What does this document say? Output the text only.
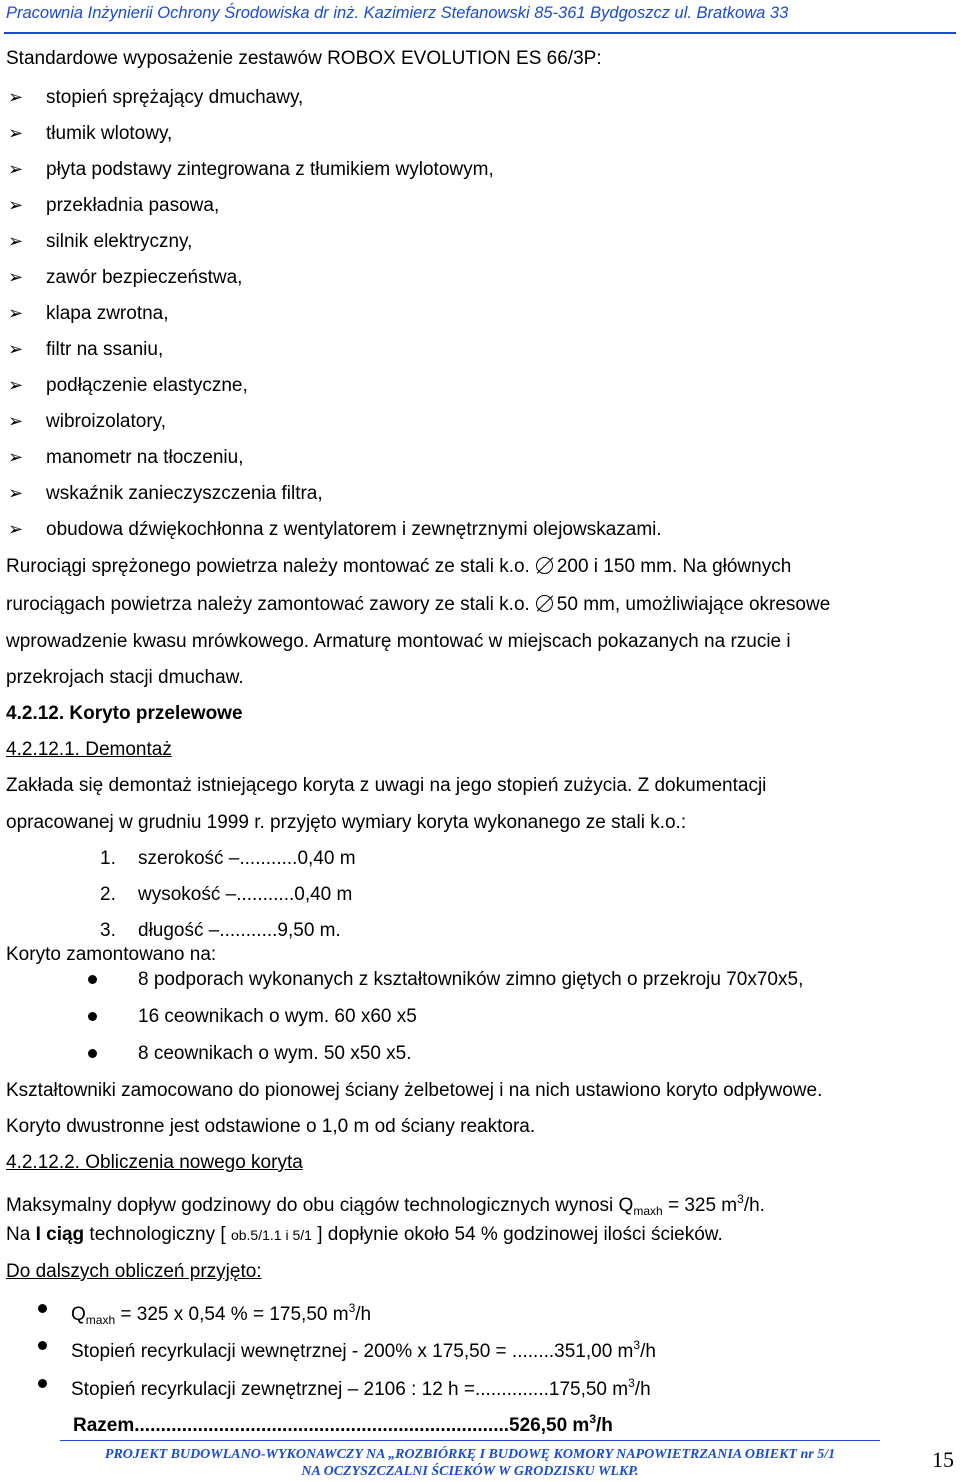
Pracownia Inżynierii Ochrony Środowiska dr inż. Kazimierz Stefanowski 85-361 Bydgoszcz ul. Bratkowa 33
Standardowe wyposażenie zestawów ROBOX EVOLUTION ES 66/3P:
➢ stopień sprężający dmuchawy,
➢ tłumik wlotowy,
➢ płyta podstawy zintegrowana z tłumikiem wylotowym,
➢ przekładnia pasowa,
➢ silnik elektryczny,
➢ zawór bezpieczeństwa,
➢ klapa zwrotna,
➢ filtr na ssaniu,
➢ podłączenie elastyczne,
➢ wibroizolatory,
➢ manometr na tłoczeniu,
➢ wskaźnik zanieczyszczenia filtra,
➢ obudowa dźwiękochłonna z wentylatorem i zewnętrznymi olejowskazami.
Rurociągi sprężonego powietrza należy montować ze stali k.o. 200 i 150 mm. Na głównych
rurociągach powietrza należy zamontować zawory ze stali k.o. 50 mm, umożliwiające okresowe
wprowadzenie kwasu mrówkowego. Armaturę montować w miejscach pokazanych na rzucie i
przekrojach stacji dmuchaw.
4.2.12. Koryto przelewowe
4.2.12.1. Demontaż
Zakłada się demontaż istniejącego koryta z uwagi na jego stopień zużycia. Z dokumentacji
opracowanej w grudniu 1999 r. przyjęto wymiary koryta wykonanego ze stali k.o.:
1. szerokość –...........0,40 m
2. wysokość –...........0,40 m
3. długość –...........9,50 m.
Koryto zamontowano na:
8 podporach wykonanych z kształtowników zimno giętych o przekroju 70x70x5,
16 ceownikach o wym. 60 x60 x5
8 ceownikach o wym. 50 x50 x5.
Kształtowniki zamocowano do pionowej ściany żelbetowej i na nich ustawiono koryto odpływowe.
Koryto dwustronne jest odstawione o 1,0 m od ściany reaktora.
4.2.12.2. Obliczenia nowego koryta
Maksymalny dopływ godzinowy do obu ciągów technologicznych wynosi $Q_{maxh} = 325$ $m^3/h$.
Na I ciąg technologiczny [ ob.5/1.1 i 5/1 ] dopłynie około 54 % godzinowej ilości ścieków.
Do dalszych obliczeń przyjęto:
$Q_{maxh} = 325$ x 0,54 % = 175,50 $m^3/h$
Stopień recyrkulacji wewnętrznej - 200% x 175,50 = ........351,00 $m^3/h$
Stopień recyrkulacji zewnętrznej – 2106 : 12 h =..............175,50 $m^3/h$
Razem.......................................................................526,50 $m^3/h$
PROJEKT BUDOWLANO-WYKONAWCZY NA „ROZBIÓRKĘ I BUDOWĘ KOMORY NAPOWIETRZANIA OBIEKT nr 5/1
NA OCZYSZCZALNI ŚCIEKÓW W GRODZISKU WLKP.	15
